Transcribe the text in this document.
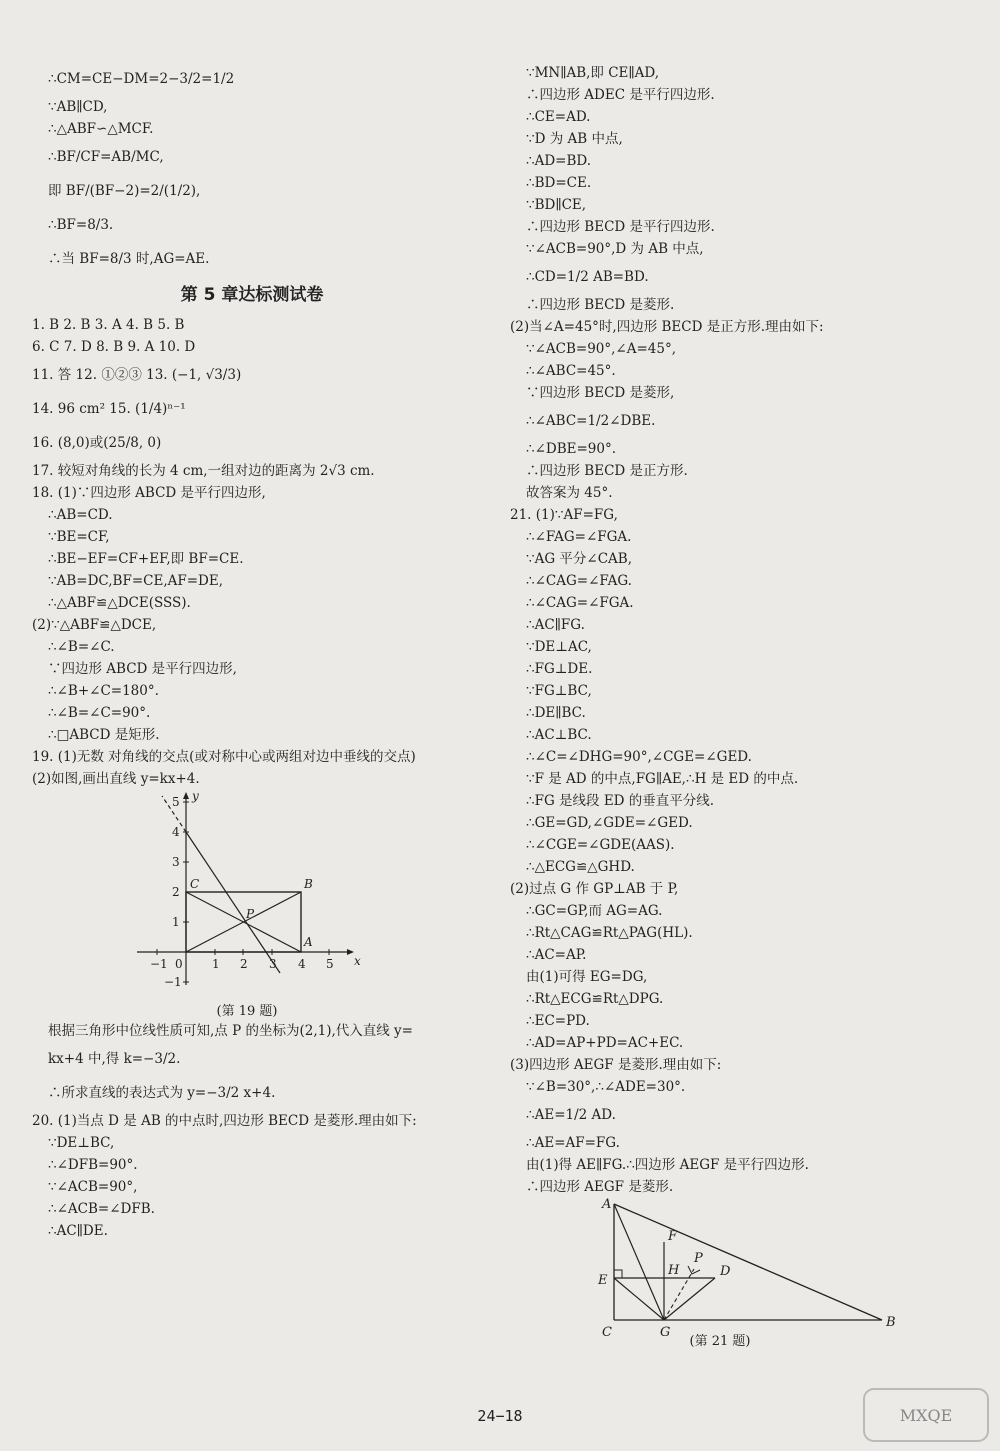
∴CM=CE−DM=2−3/2=1/2
∵AB∥CD,
∴△ABF∽△MCF.
∴BF/CF=AB/MC,
即 BF/(BF−2)=2/(1/2),
∴BF=8/3.
∴当 BF=8/3 时,AG=AE.
第 5 章达标测试卷
1. B 2. B 3. A 4. B 5. B
6. C 7. D 8. B 9. A 10. D
11. 答 12. ①②③ 13. (−1, √3/3)
14. 96 cm² 15. (1/4)ⁿ⁻¹
16. (8,0)或(25/8, 0)
17. 较短对角线的长为 4 cm,一组对边的距离为 2√3 cm.
18. (1)∵四边形 ABCD 是平行四边形,
∴AB=CD.
∵BE=CF,
∴BE−EF=CF+EF,即 BF=CE.
∵AB=DC,BF=CE,AF=DE,
∴△ABF≌△DCE(SSS).
(2)∵△ABF≌△DCE,
∴∠B=∠C.
∵四边形 ABCD 是平行四边形,
∴∠B+∠C=180°.
∴∠B=∠C=90°.
∴□ABCD 是矩形.
19. (1)无数 对角线的交点(或对称中心或两组对边中垂线的交点)
(2)如图,画出直线 y=kx+4.
−1 0 1 2 3 4 5
5
4
3
2
1
−1
x
y
C	B
P
A
(第 19 题)
根据三角形中位线性质可知,点 P 的坐标为(2,1),代入直线 y=
kx+4 中,得 k=−3/2.
∴所求直线的表达式为 y=−3/2 x+4.
20. (1)当点 D 是 AB 的中点时,四边形 BECD 是菱形.理由如下:
∵DE⊥BC,
∴∠DFB=90°.
∵∠ACB=90°,
∴∠ACB=∠DFB.
∴AC∥DE.
∵MN∥AB,即 CE∥AD,
∴四边形 ADEC 是平行四边形.
∴CE=AD.
∵D 为 AB 中点,
∴AD=BD.
∴BD=CE.
∵BD∥CE,
∴四边形 BECD 是平行四边形.
∵∠ACB=90°,D 为 AB 中点,
∴CD=1/2 AB=BD.
∴四边形 BECD 是菱形.
(2)当∠A=45°时,四边形 BECD 是正方形.理由如下:
∵∠ACB=90°,∠A=45°,
∴∠ABC=45°.
∵四边形 BECD 是菱形,
∴∠ABC=1/2∠DBE.
∴∠DBE=90°.
∴四边形 BECD 是正方形.
故答案为 45°.
21. (1)∵AF=FG,
∴∠FAG=∠FGA.
∵AG 平分∠CAB,
∴∠CAG=∠FAG.
∴∠CAG=∠FGA.
∴AC∥FG.
∵DE⊥AC,
∴FG⊥DE.
∵FG⊥BC,
∴DE∥BC.
∴AC⊥BC.
∴∠C=∠DHG=90°,∠CGE=∠GED.
∵F 是 AD 的中点,FG∥AE,∴H 是 ED 的中点.
∴FG 是线段 ED 的垂直平分线.
∴GE=GD,∠GDE=∠GED.
∴∠CGE=∠GDE(AAS).
∴△ECG≌△GHD.
(2)过点 G 作 GP⊥AB 于 P,
∴GC=GP,而 AG=AG.
∴Rt△CAG≌Rt△PAG(HL).
∴AC=AP.
由(1)可得 EG=DG,
∴Rt△ECG≌Rt△DPG.
∴EC=PD.
∴AD=AP+PD=AC+EC.
(3)四边形 AEGF 是菱形.理由如下:
∵∠B=30°,∴∠ADE=30°.
∴AE=1/2 AD.
∴AE=AF=FG.
由(1)得 AE∥FG.∴四边形 AEGF 是平行四边形.
∴四边形 AEGF 是菱形.
A
F
P
H	D
E
C	G
B
(第 21 题)
24−18	MXQE
